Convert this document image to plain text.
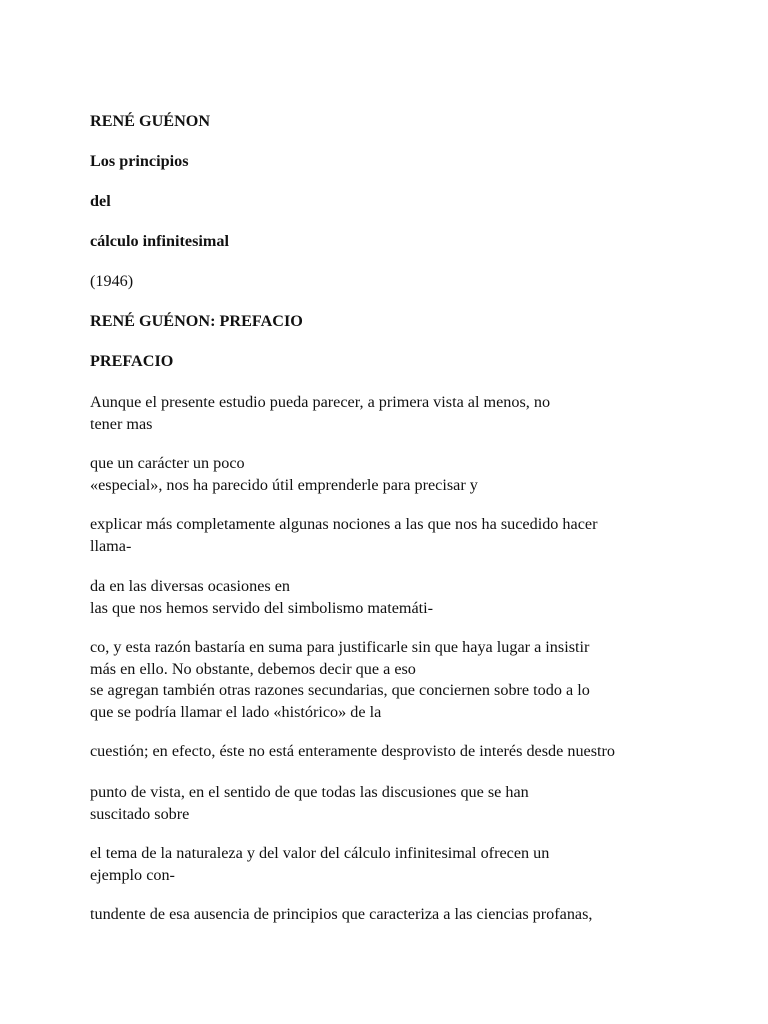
RENÉ GUÉNON

Los principios

del

cálculo infinitesimal

(1946)

RENÉ GUÉNON: PREFACIO

PREFACIO

Aunque el presente estudio pueda parecer, a primera vista al menos, no
tener mas

que un carácter un poco
«especial», nos ha parecido útil emprenderle para precisar y

explicar más completamente algunas nociones a las que nos ha sucedido hacer
llama-

da en las diversas ocasiones en
las que nos hemos servido del simbolismo matemáti-

co, y esta razón bastaría en suma para justificarle sin que haya lugar a insistir
más en ello. No obstante, debemos decir que a eso
se agregan también otras razones secundarias, que conciernen sobre todo a lo
que se podría llamar el lado «histórico» de la

cuestión; en efecto, éste no está enteramente desprovisto de interés desde nuestro

punto de vista, en el sentido de que todas las discusiones que se han
suscitado sobre

el tema de la naturaleza y del valor del cálculo infinitesimal ofrecen un
ejemplo con-

tundente de esa ausencia de principios que caracteriza a las ciencias profanas,
